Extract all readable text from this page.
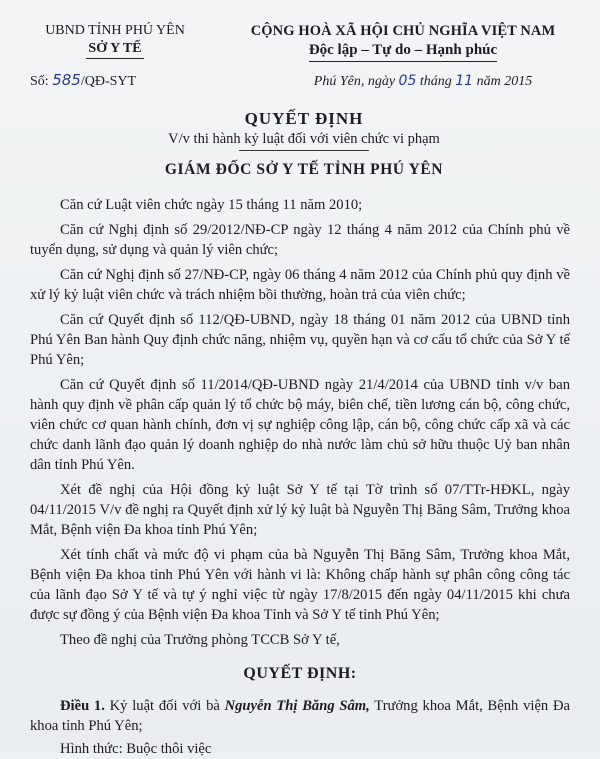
UBND TỈNH PHÚ YÊN
SỞ Y TẾ
Số: 585/QĐ-SYT
CỘNG HOÀ XÃ HỘI CHỦ NGHĨA VIỆT NAM
Độc lập – Tự do – Hạnh phúc
Phú Yên, ngày 05 tháng 11 năm 2015
QUYẾT ĐỊNH
V/v thi hành kỷ luật đối với viên chức vi phạm
GIÁM ĐỐC SỞ Y TẾ TỈNH PHÚ YÊN

Căn cứ Luật viên chức ngày 15 tháng 11 năm 2010;

Căn cứ Nghị định số 29/2012/NĐ-CP ngày 12 tháng 4 năm 2012 của Chính phủ về tuyển dụng, sử dụng và quản lý viên chức;

Căn cứ Nghị định số 27/NĐ-CP, ngày 06 tháng 4 năm 2012 của Chính phủ quy định về xử lý kỷ luật viên chức và trách nhiệm bồi thường, hoàn trả của viên chức;

Căn cứ Quyết định số 112/QĐ-UBND, ngày 18 tháng 01 năm 2012 của UBND tỉnh Phú Yên Ban hành Quy định chức năng, nhiệm vụ, quyền hạn và cơ cấu tổ chức của Sở Y tế Phú Yên;

Căn cứ Quyết định số 11/2014/QĐ-UBND ngày 21/4/2014 của UBND tỉnh v/v ban hành quy định về phân cấp quản lý tổ chức bộ máy, biên chế, tiền lương cán bộ, công chức, viên chức cơ quan hành chính, đơn vị sự nghiệp công lập, cán bộ, công chức cấp xã và các chức danh lãnh đạo quản lý doanh nghiệp do nhà nước làm chủ sở hữu thuộc Uỷ ban nhân dân tỉnh Phú Yên.

Xét đề nghị của Hội đồng kỷ luật Sở Y tế tại Tờ trình số 07/TTr-HĐKL, ngày 04/11/2015 V/v đề nghị ra Quyết định xử lý kỷ luật bà Nguyễn Thị Băng Sâm, Trưởng khoa Mắt, Bệnh viện Đa khoa tỉnh Phú Yên;

Xét tính chất và mức độ vi phạm của bà Nguyễn Thị Băng Sâm, Trưởng khoa Mắt, Bệnh viện Đa khoa tỉnh Phú Yên với hành vi là: Không chấp hành sự phân công công tác của lãnh đạo Sở Y tế và tự ý nghỉ việc từ ngày 17/8/2015 đến ngày 04/11/2015 khi chưa được sự đồng ý của Bệnh viện Đa khoa Tỉnh và Sở Y tế tỉnh Phú Yên;

Theo đề nghị của Trưởng phòng TCCB Sở Y tế,

QUYẾT ĐỊNH:

Điều 1. Kỷ luật đối với bà Nguyễn Thị Băng Sâm, Trưởng khoa Mắt, Bệnh viện Đa khoa tỉnh Phú Yên;

Hình thức: Buộc thôi việc
